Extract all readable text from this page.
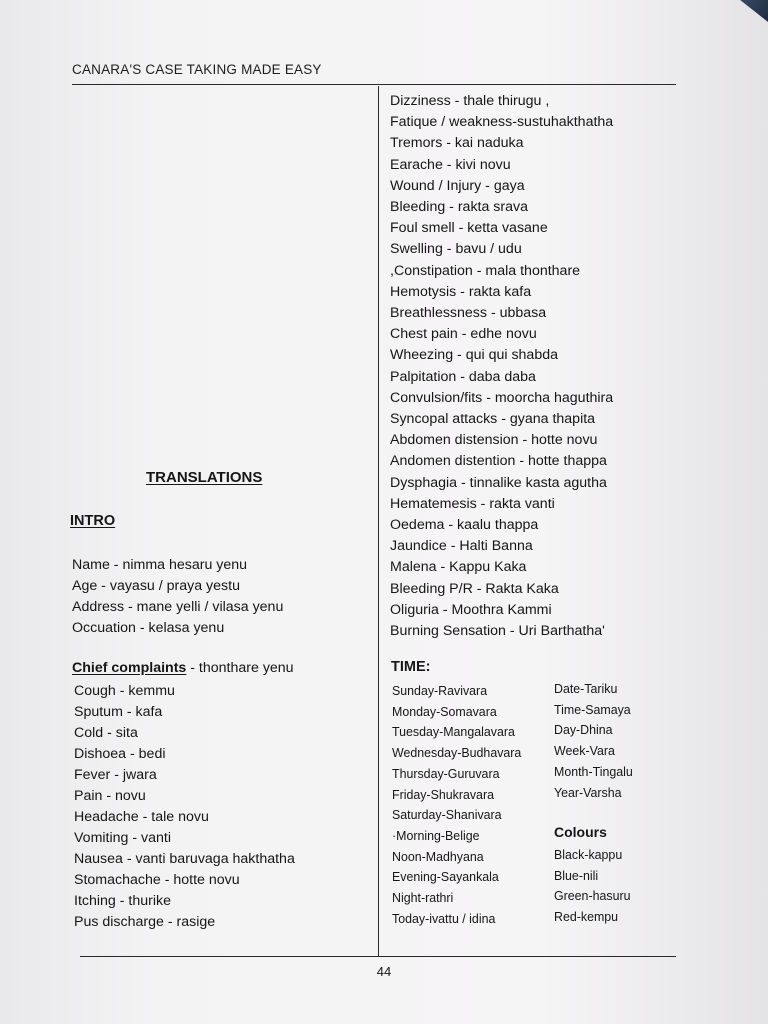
CANARA'S CASE TAKING MADE EASY
Dizziness - thale thirugu ,
Fatique / weakness-sustuhakthatha
Tremors - kai naduka
Earache - kivi novu
Wound / Injury - gaya
Bleeding - rakta srava
Foul smell - ketta vasane
Swelling - bavu / udu
,Constipation - mala thonthare
Hemotysis - rakta kafa
Breathlessness - ubbasa
Chest pain - edhe novu
Wheezing - qui qui shabda
Palpitation - daba daba
Convulsion/fits - moorcha haguthira
Syncopal attacks - gyana thapita
Abdomen distension - hotte novu
Andomen distention - hotte thappa
Dysphagia - tinnalike kasta agutha
Hematemesis - rakta vanti
Oedema - kaalu thappa
Jaundice - Halti Banna
Malena - Kappu Kaka
Bleeding P/R - Rakta Kaka
Oliguria - Moothra Kammi
Burning Sensation - Uri Barthatha'
TRANSLATIONS
INTRO
Name - nimma hesaru yenu
Age - vayasu / praya yestu
Address - mane yelli / vilasa yenu
Occuation - kelasa yenu
Chief complaints - thonthare yenu
Cough - kemmu
Sputum - kafa
Cold - sita
Dishoea - bedi
Fever - jwara
Pain - novu
Headache - tale novu
Vomiting - vanti
Nausea - vanti baruvaga hakthatha
Stomachache - hotte novu
Itching - thurike
Pus discharge - rasige
TIME:
Sunday-Ravivara
Monday-Somavara
Tuesday-Mangalavara
Wednesday-Budhavara
Thursday-Guruvara
Friday-Shukravara
Saturday-Shanivara
·Morning-Belige
Noon-Madhyana
Evening-Sayankala
Night-rathri
Today-ivattu / idina
Date-Tariku
Time-Samaya
Day-Dhina
Week-Vara
Month-Tingalu
Year-Varsha
Colours
Black-kappu
Blue-nili
Green-hasuru
Red-kempu
44
